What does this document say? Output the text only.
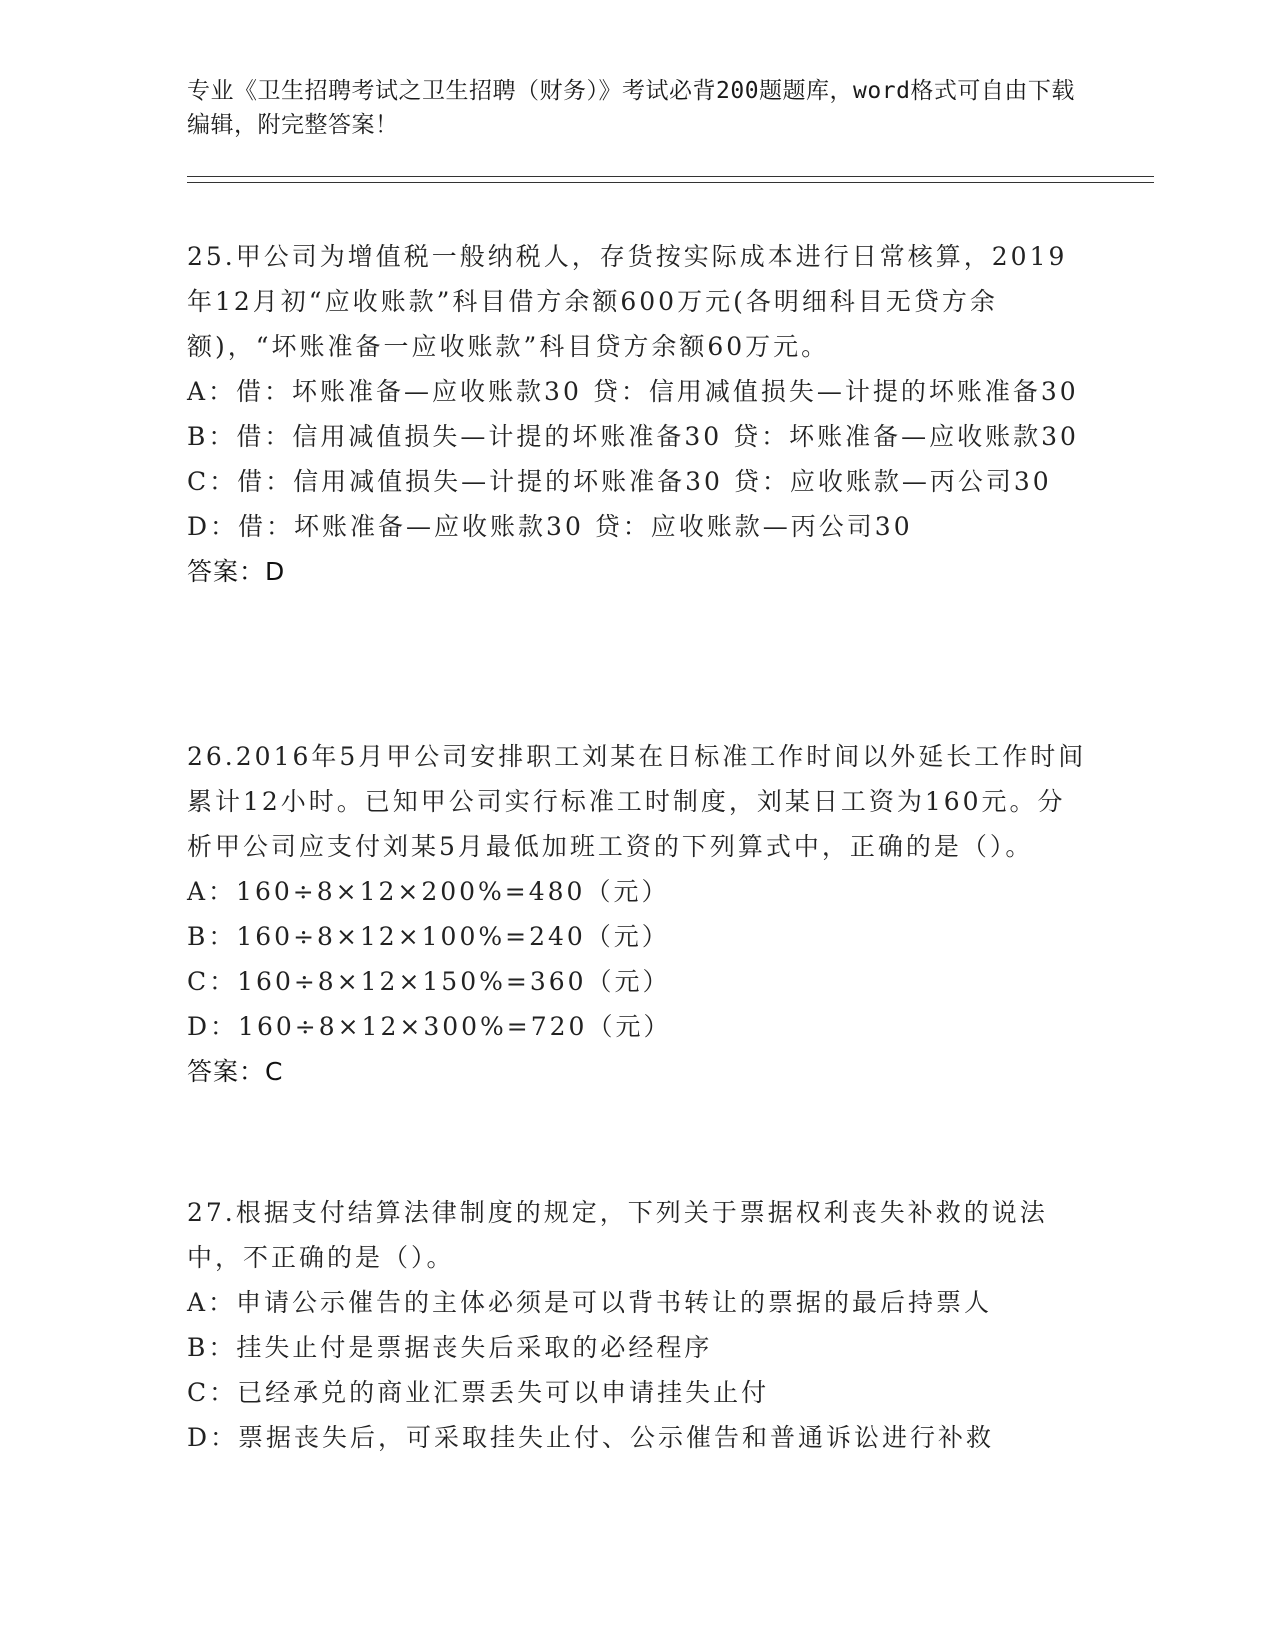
专业《卫生招聘考试之卫生招聘（财务）》考试必背200题题库，word格式可自由下载编辑，附完整答案！

25.甲公司为增值税一般纳税人，存货按实际成本进行日常核算，2019年12月初“应收账款”科目借方余额600万元(各明细科目无贷方余额)，“坏账准备一应收账款”科目贷方余额60万元。

A：借：坏账准备—应收账款30 贷：信用减值损失—计提的坏账准备30

B：借：信用减值损失—计提的坏账准备30 贷：坏账准备—应收账款30

C：借：信用减值损失—计提的坏账准备30 贷：应收账款—丙公司30

D：借：坏账准备—应收账款30 贷：应收账款—丙公司30

答案：D

26.2016年5月甲公司安排职工刘某在日标准工作时间以外延长工作时间累计12小时。已知甲公司实行标准工时制度，刘某日工资为160元。分析甲公司应支付刘某5月最低加班工资的下列算式中，正确的是（）。

A：160÷8×12×200%=480（元）

B：160÷8×12×100%=240（元）

C：160÷8×12×150%=360（元）

D：160÷8×12×300%=720（元）

答案：C

27.根据支付结算法律制度的规定，下列关于票据权利丧失补救的说法中，不正确的是（）。

A：申请公示催告的主体必须是可以背书转让的票据的最后持票人

B：挂失止付是票据丧失后采取的必经程序

C：已经承兑的商业汇票丢失可以申请挂失止付

D：票据丧失后，可采取挂失止付、公示催告和普通诉讼进行补救
